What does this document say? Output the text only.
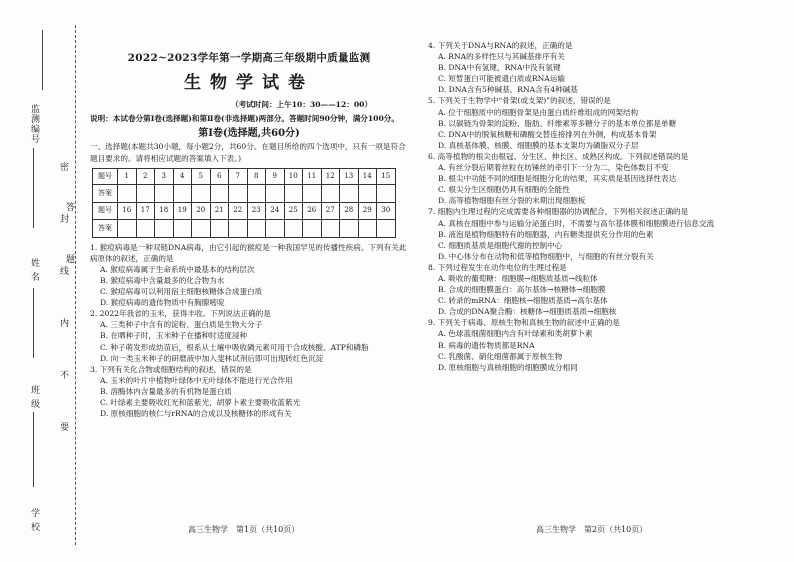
监测编号
姓 名
班 级
学 校
密
封
线
内
不
要
答
题
2022~2023学年第一学期高三年级期中质量监测
生物学试卷
（考试时间：上午10：30——12：00）
说明：本试卷分第Ⅰ卷(选择题)和第Ⅱ卷(非选择题)两部分。答题时间90分钟，满分100分。
第Ⅰ卷(选择题,共60分)
一、选择题(本题共30小题，每小题2分，共60分。在题目所给的四个选项中，只有一项是符合题目要求的。请将相应试题的答案填入下表。)
题号	1	2	3	4	5	6	7	8	9	10	11	12	13	14	15
答案															
题号	16	17	18	19	20	21	22	23	24	25	26	27	28	29	30
答案															
1. 猴痘病毒是一种双链DNA病毒，由它引起的猴痘是一种我国罕见的传播性疾病。下列有关此病原体的叙述，正确的是
A. 猴痘病毒属于生命系统中最基本的结构层次
B. 猴痘病毒中含量最多的化合物为水
C. 猴痘病毒可以利用宿主细胞核糖体合成蛋白质
D. 猴痘病毒的遗传物质中有胸腺嘧啶
2. 2022年我省的玉米，获得丰收。下列说法正确的是
A. 三类种子中含有的淀粉、蛋白质是生物大分子
B. 在晒种子时，玉米种子在播种时适度浸种
C. 种子萌发形成幼苗后，根系从土壤中吸收磷元素可用于合成核酸、ATP和磷脂
D. 向一类玉米种子的研磨液中加入斐林试剂后即可出现砖红色沉淀
3. 下列有关化合物或细胞结构的叙述，错误的是
A. 玉米的叶片中植物叶绿体中无叶绿体不能进行光合作用
B. 溶酶体内含量最多的有机物是蛋白质
C. 叶绿素主要吸收红光和蓝紫光，胡萝卜素主要吸收蓝紫光
D. 原核细胞的核仁与rRNA的合成以及核糖体的形成有关
4. 下列关于DNA与RNA的叙述，正确的是
A. RNA的多样性只与其碱基排序有关
B. DNA中有氢键，RNA中没有氢键
C. 短暂蛋白可能被遗白质或RNA运输
D. DNA含有5种碱基，RNA含有4种碱基
5. 下列关于生物学中“骨架(或支架)”的叙述，错误的是
A. 位于细胞质中的细胞骨架是由蛋白质纤维组成的网架结构
B. 以碳链为骨架的淀粉、脂肪、纤维素等多糖分子的基本单位都是单糖
C. DNA中的脱氧核糖和磷酸交替连接排列在外侧，构成基本骨架
D. 真核基体膜、核膜、细胞膜的基本支架均为磷脂双分子层
6. 高等植物的根尖由根冠、分生区、伸长区、成熟区构成。下列叙述错误的是
A. 有丝分裂后期着丝粒在纺锤丝的牵引下一分为二，染色体数目不变
B. 根尖中功能不同的细胞是细胞分化的结果，其实质是基因选择性表达
C. 根尖分生区细胞仍具有细胞的全能性
D. 高等植物细胞有丝分裂的末期出现细胞板
7. 细胞内生理过程的完成需要各种细胞器的协调配合，下列相关叙述正确的是
A. 真核在细胞中参与运输分泌蛋白时，不需要与高尔基体膜和细胞膜进行信息交流
B. 液泡是植物细胞特有的细胞器，内有糖类提供充分作用的色素
C. 细胞质基质是细胞代谢的控制中心
D. 中心体分布在动物和低等植物细胞中，与细胞的有丝分裂有关
8. 下列过程发生在动作电位的生理过程是
A. 吸收的葡萄糖：细胞膜→细胞质基质→线粒体
B. 合成的细胞膜蛋白：高尔基体→核糖体→细胞膜
C. 转录的mRNA：细胞核→细胞质基质→高尔基体
D. 合成的DNA聚合酶：核糖体→细胞质基质→细胞核
9. 下列关于病毒、原核生物和真核生物的叙述中正确的是
A. 色球蓝细菌细胞内含有叶绿素和类胡萝卜素
B. 病毒的遗传物质都是RNA
C. 乳酸菌、硝化细菌都属于原核生物
D. 原核细胞与真核细胞的细胞膜成分相同
高三生物学　第1页（共10页）	高三生物学　第2页（共10页）
